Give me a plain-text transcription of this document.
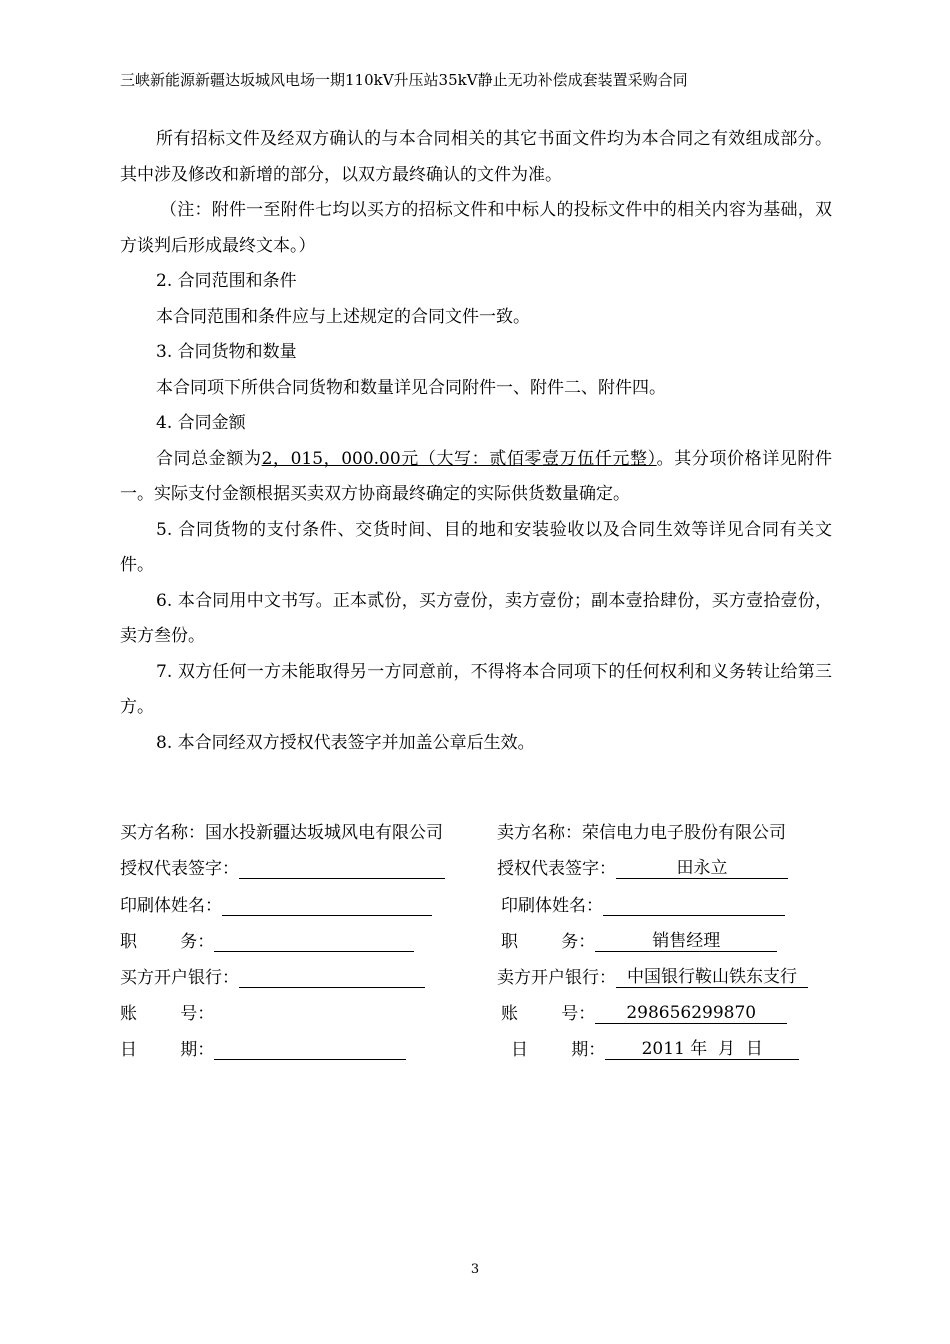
三峡新能源新疆达坂城风电场一期110kV升压站35kV静止无功补偿成套装置采购合同

所有招标文件及经双方确认的与本合同相关的其它书面文件均为本合同之有效组成部分。其中涉及修改和新增的部分，以双方最终确认的文件为准。

（注：附件一至附件七均以买方的招标文件和中标人的投标文件中的相关内容为基础，双方谈判后形成最终文本。）

2. 合同范围和条件

本合同范围和条件应与上述规定的合同文件一致。

3. 合同货物和数量

本合同项下所供合同货物和数量详见合同附件一、附件二、附件四。

4. 合同金额

合同总金额为2，015，000.00元（大写：贰佰零壹万伍仟元整）。其分项价格详见附件一。实际支付金额根据买卖双方协商最终确定的实际供货数量确定。

5. 合同货物的支付条件、交货时间、目的地和安装验收以及合同生效等详见合同有关文件。

6. 本合同用中文书写。正本贰份，买方壹份，卖方壹份；副本壹拾肆份，买方壹拾壹份，卖方叁份。

7. 双方任何一方未能取得另一方同意前，不得将本合同项下的任何权利和义务转让给第三方。

8. 本合同经双方授权代表签字并加盖公章后生效。

买方名称：国水投新疆达坂城风电有限公司	卖方名称：荣信电力电子股份有限公司
授权代表签字：	授权代表签字：	田永立
印刷体姓名：	印刷体姓名：
职        务：	职        务：	销售经理
买方开户银行：	卖方开户银行： 中国银行鞍山铁东支行
账        号：	账        号： 298656299870
日        期：	日        期： 2011 年  月  日
3
